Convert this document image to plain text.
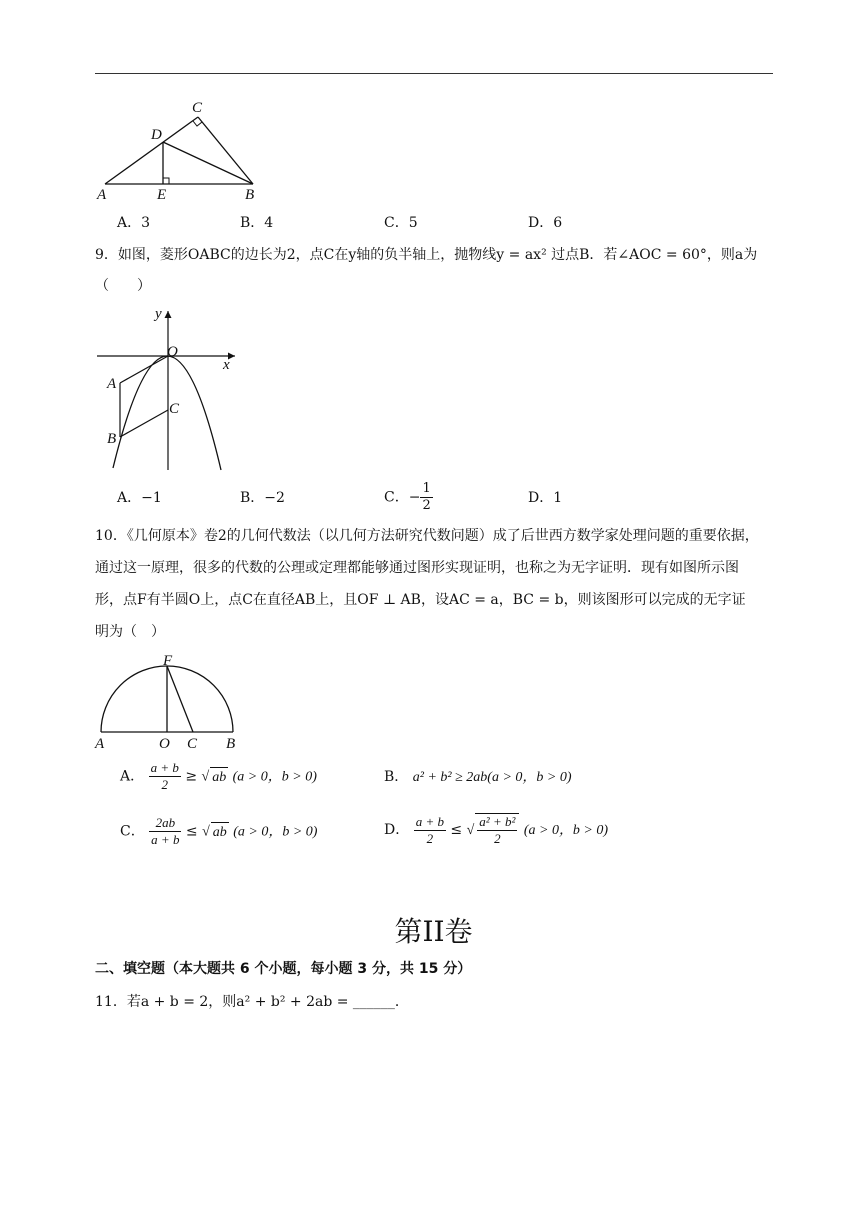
C
D
A	E	B
A．3	B．4	C．5	D．6
9．如图，菱形OABC的边长为2，点C在y轴的负半轴上，抛物线y = ax² 过点B．若∠AOC = 60°，则a为
（　　）
y
O
x
A
C
B
A．−1	B．−2	C．− $\frac{1}{2}$	D．1
10．《几何原本》卷2的几何代数法（以几何方法研究代数问题）成了后世西方数学家处理问题的重要依据，
通过这一原理，很多的代数的公理或定理都能够通过图形实现证明，也称之为无字证明．现有如图所示图
形，点F有半圆O上，点C在直径AB上，且OF ⊥ AB，设AC = a，BC = b，则该图形可以完成的无字证
明为（　）
F
A	O C B
A． $\frac{a + b}{2}$ ≥ √ ab (a > 0，b > 0)	B． a² + b² ≥ 2ab(a > 0，b > 0)
C． $\frac{2ab}{a + b}$ ≤ √ ab (a > 0，b > 0)	D． $\frac{a + b}{2}$ ≤ √ $\frac{\text{a² + b²}}{2} (a > 0$，b > 0)
第II卷
二、填空题（本大题共 6 个小题，每小题 3 分，共 15 分）
11．若a + b = 2，则a² + b² + 2ab = ______．
